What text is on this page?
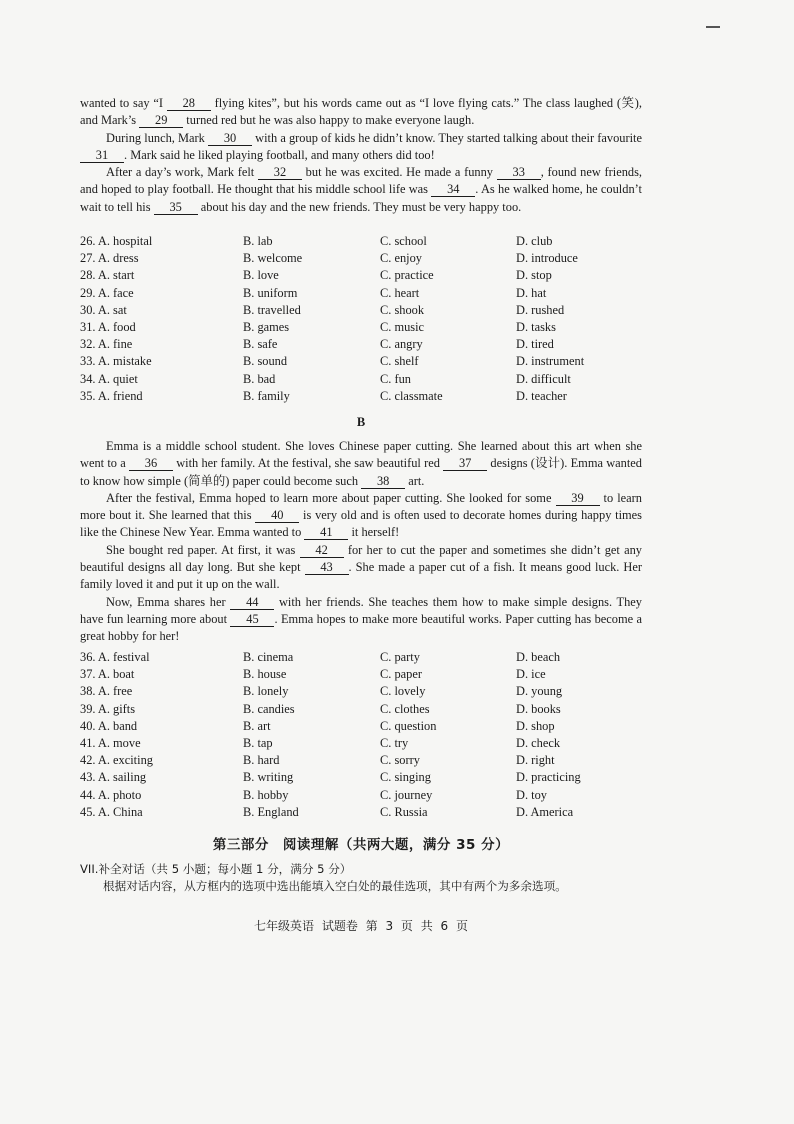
wanted to say “I 28 flying kites”, but his words came out as “I love flying cats.” The class laughed (笑), and Mark’s 29 turned red but he was also happy to make everyone laugh.

During lunch, Mark 30 with a group of kids he didn’t know. They started talking about their favourite 31 . Mark said he liked playing football, and many others did too!

After a day’s work, Mark felt 32 but he was excited. He made a funny 33 , found new friends, and hoped to play football. He thought that his middle school life was 34 . As he walked home, he couldn’t wait to tell his 35 about his day and the new friends. They must be very happy too.

26. A. hospital	B. lab	C. school	D. club
27. A. dress	B. welcome	C. enjoy	D. introduce
28. A. start	B. love	C. practice	D. stop
29. A. face	B. uniform	C. heart	D. hat
30. A. sat	B. travelled	C. shook	D. rushed
31. A. food	B. games	C. music	D. tasks
32. A. fine	B. safe	C. angry	D. tired
33. A. mistake	B. sound	C. shelf	D. instrument
34. A. quiet	B. bad	C. fun	D. difficult
35. A. friend	B. family	C. classmate	D. teacher
B

Emma is a middle school student. She loves Chinese paper cutting. She learned about this art when she went to a 36 with her family. At the festival, she saw beautiful red 37 designs (设计). Emma wanted to know how simple (简单的) paper could become such 38 art.

After the festival, Emma hoped to learn more about paper cutting. She looked for some 39 to learn more bout it. She learned that this 40 is very old and is often used to decorate homes during happy times like the Chinese New Year. Emma wanted to 41 it herself!

She bought red paper. At first, it was 42 for her to cut the paper and sometimes she didn’t get any beautiful designs all day long. But she kept 43 . She made a paper cut of a fish. It means good luck. Her family loved it and put it up on the wall.

Now, Emma shares her 44 with her friends. She teaches them how to make simple designs. They have fun learning more about 45 . Emma hopes to make more beautiful works. Paper cutting has become a great hobby for her!

36. A. festival	B. cinema	C. party	D. beach
37. A. boat	B. house	C. paper	D. ice
38. A. free	B. lonely	C. lovely	D. young
39. A. gifts	B. candies	C. clothes	D. books
40. A. band	B. art	C. question	D. shop
41. A. move	B. tap	C. try	D. check
42. A. exciting	B. hard	C. sorry	D. right
43. A. sailing	B. writing	C. singing	D. practicing
44. A. photo	B. hobby	C. journey	D. toy
45. A. China	B. England	C. Russia	D. America
第三部分　阅读理解（共两大题，满分 35 分）
VII.补全对话（共 5 小题；每小题 1 分，满分 5 分）
根据对话内容，从方框内的选项中选出能填入空白处的最佳选项，其中有两个为多余选项。
七年级英语 试题卷 第 3 页 共 6 页
